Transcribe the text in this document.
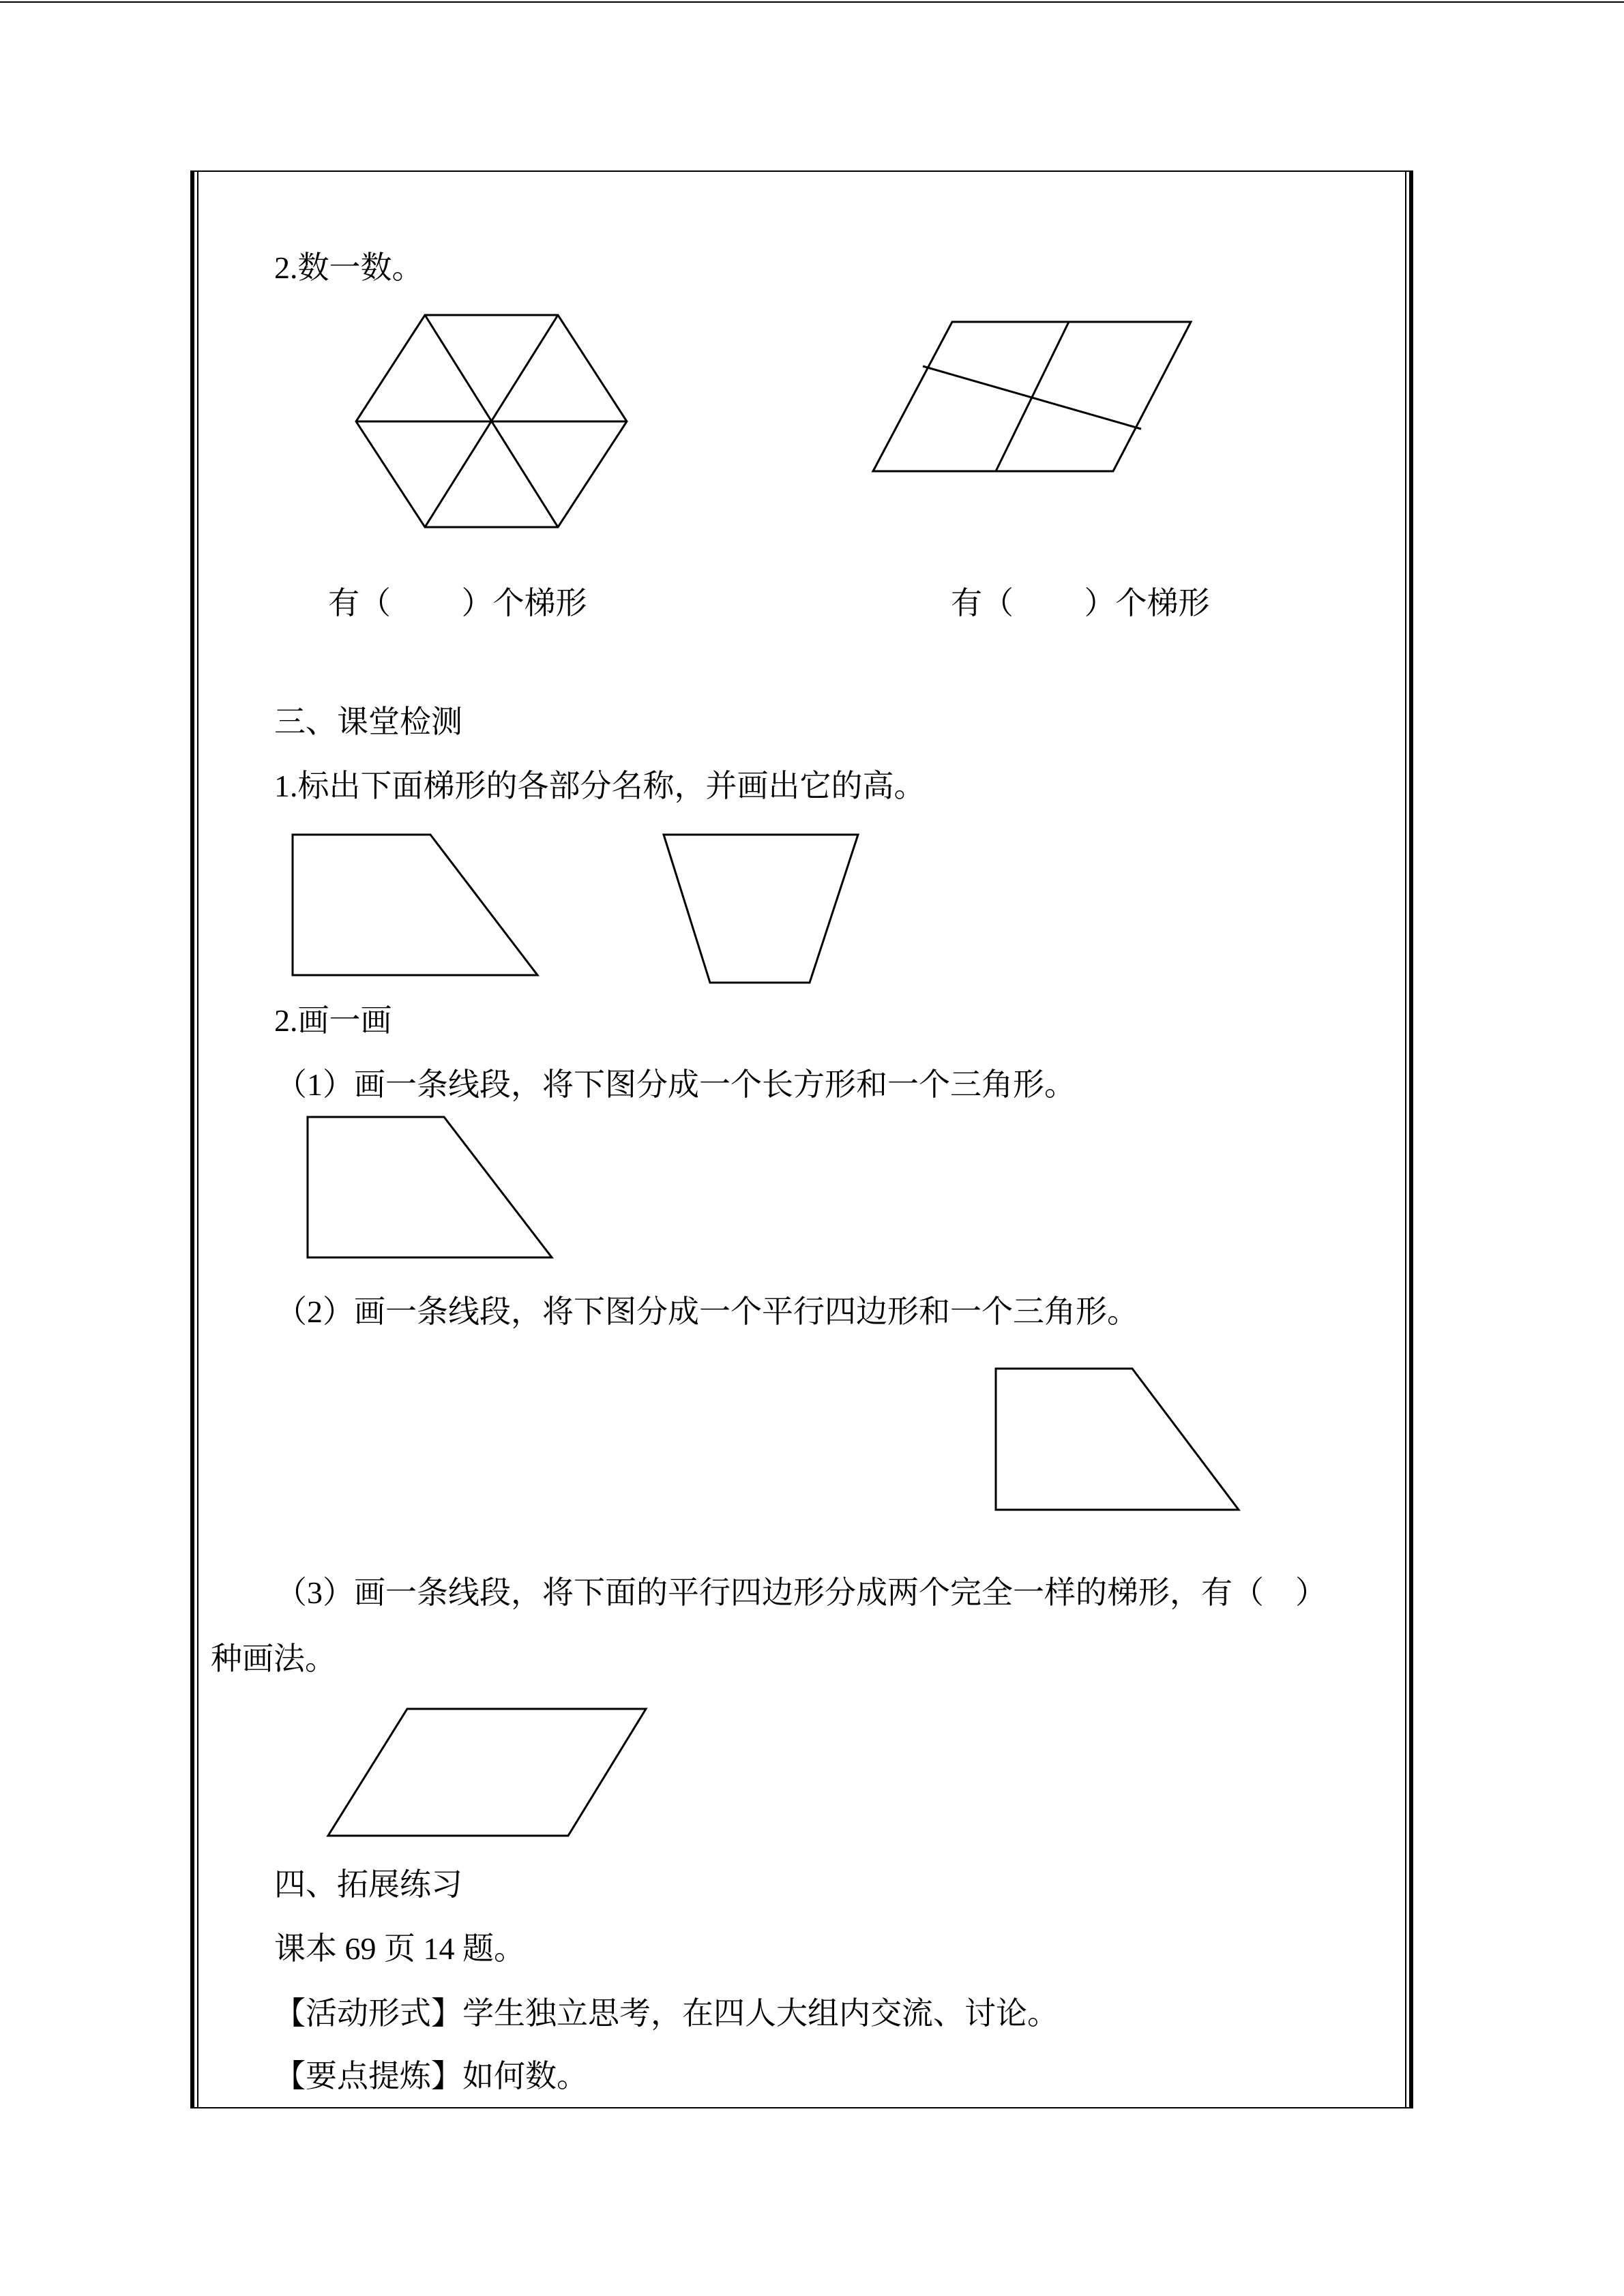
2.数一数。
有（　　 ）个梯形	有（　　 ）个梯形
三、课堂检测
1.标出下面梯形的各部分名称，并画出它的高。
2.画一画
（1）画一条线段，将下图分成一个长方形和一个三角形。
（2）画一条线段，将下图分成一个平行四边形和一个三角形。
（3）画一条线段，将下面的平行四边形分成两个完全一样的梯形，有（　）
种画法。
四、拓展练习
课本 69 页 14 题。
【活动形式】学生独立思考，在四人大组内交流、讨论。
【要点提炼】如何数。
